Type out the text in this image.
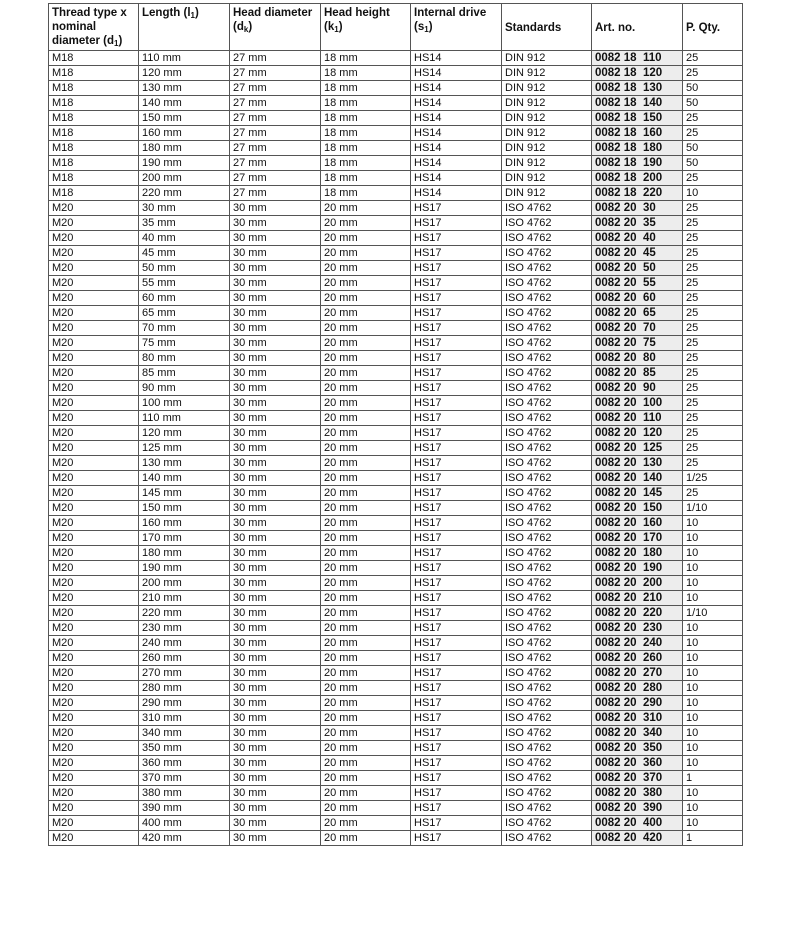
Thread type x nominal diameter $(d_1)$	Length $(l_1)$	Head diameter $(d_k)$	Head height $(k_1)$	Internal drive $(s_1)$	Standards	Art. no.	P. Qty.
M18	110 mm	27 mm	18 mm	HS14	DIN 912	0082 18  110	25
M18	120 mm	27 mm	18 mm	HS14	DIN 912	0082 18  120	25
M18	130 mm	27 mm	18 mm	HS14	DIN 912	0082 18  130	50
M18	140 mm	27 mm	18 mm	HS14	DIN 912	0082 18  140	50
M18	150 mm	27 mm	18 mm	HS14	DIN 912	0082 18  150	25
M18	160 mm	27 mm	18 mm	HS14	DIN 912	0082 18  160	25
M18	180 mm	27 mm	18 mm	HS14	DIN 912	0082 18  180	50
M18	190 mm	27 mm	18 mm	HS14	DIN 912	0082 18  190	50
M18	200 mm	27 mm	18 mm	HS14	DIN 912	0082 18  200	25
M18	220 mm	27 mm	18 mm	HS14	DIN 912	0082 18  220	10
M20	30 mm	30 mm	20 mm	HS17	ISO 4762	0082 20  30	25
M20	35 mm	30 mm	20 mm	HS17	ISO 4762	0082 20  35	25
M20	40 mm	30 mm	20 mm	HS17	ISO 4762	0082 20  40	25
M20	45 mm	30 mm	20 mm	HS17	ISO 4762	0082 20  45	25
M20	50 mm	30 mm	20 mm	HS17	ISO 4762	0082 20  50	25
M20	55 mm	30 mm	20 mm	HS17	ISO 4762	0082 20  55	25
M20	60 mm	30 mm	20 mm	HS17	ISO 4762	0082 20  60	25
M20	65 mm	30 mm	20 mm	HS17	ISO 4762	0082 20  65	25
M20	70 mm	30 mm	20 mm	HS17	ISO 4762	0082 20  70	25
M20	75 mm	30 mm	20 mm	HS17	ISO 4762	0082 20  75	25
M20	80 mm	30 mm	20 mm	HS17	ISO 4762	0082 20  80	25
M20	85 mm	30 mm	20 mm	HS17	ISO 4762	0082 20  85	25
M20	90 mm	30 mm	20 mm	HS17	ISO 4762	0082 20  90	25
M20	100 mm	30 mm	20 mm	HS17	ISO 4762	0082 20  100	25
M20	110 mm	30 mm	20 mm	HS17	ISO 4762	0082 20  110	25
M20	120 mm	30 mm	20 mm	HS17	ISO 4762	0082 20  120	25
M20	125 mm	30 mm	20 mm	HS17	ISO 4762	0082 20  125	25
M20	130 mm	30 mm	20 mm	HS17	ISO 4762	0082 20  130	25
M20	140 mm	30 mm	20 mm	HS17	ISO 4762	0082 20  140	1/25
M20	145 mm	30 mm	20 mm	HS17	ISO 4762	0082 20  145	25
M20	150 mm	30 mm	20 mm	HS17	ISO 4762	0082 20  150	1/10
M20	160 mm	30 mm	20 mm	HS17	ISO 4762	0082 20  160	10
M20	170 mm	30 mm	20 mm	HS17	ISO 4762	0082 20  170	10
M20	180 mm	30 mm	20 mm	HS17	ISO 4762	0082 20  180	10
M20	190 mm	30 mm	20 mm	HS17	ISO 4762	0082 20  190	10
M20	200 mm	30 mm	20 mm	HS17	ISO 4762	0082 20  200	10
M20	210 mm	30 mm	20 mm	HS17	ISO 4762	0082 20  210	10
M20	220 mm	30 mm	20 mm	HS17	ISO 4762	0082 20  220	1/10
M20	230 mm	30 mm	20 mm	HS17	ISO 4762	0082 20  230	10
M20	240 mm	30 mm	20 mm	HS17	ISO 4762	0082 20  240	10
M20	260 mm	30 mm	20 mm	HS17	ISO 4762	0082 20  260	10
M20	270 mm	30 mm	20 mm	HS17	ISO 4762	0082 20  270	10
M20	280 mm	30 mm	20 mm	HS17	ISO 4762	0082 20  280	10
M20	290 mm	30 mm	20 mm	HS17	ISO 4762	0082 20  290	10
M20	310 mm	30 mm	20 mm	HS17	ISO 4762	0082 20  310	10
M20	340 mm	30 mm	20 mm	HS17	ISO 4762	0082 20  340	10
M20	350 mm	30 mm	20 mm	HS17	ISO 4762	0082 20  350	10
M20	360 mm	30 mm	20 mm	HS17	ISO 4762	0082 20  360	10
M20	370 mm	30 mm	20 mm	HS17	ISO 4762	0082 20  370	1
M20	380 mm	30 mm	20 mm	HS17	ISO 4762	0082 20  380	10
M20	390 mm	30 mm	20 mm	HS17	ISO 4762	0082 20  390	10
M20	400 mm	30 mm	20 mm	HS17	ISO 4762	0082 20  400	10
M20	420 mm	30 mm	20 mm	HS17	ISO 4762	0082 20  420	1
